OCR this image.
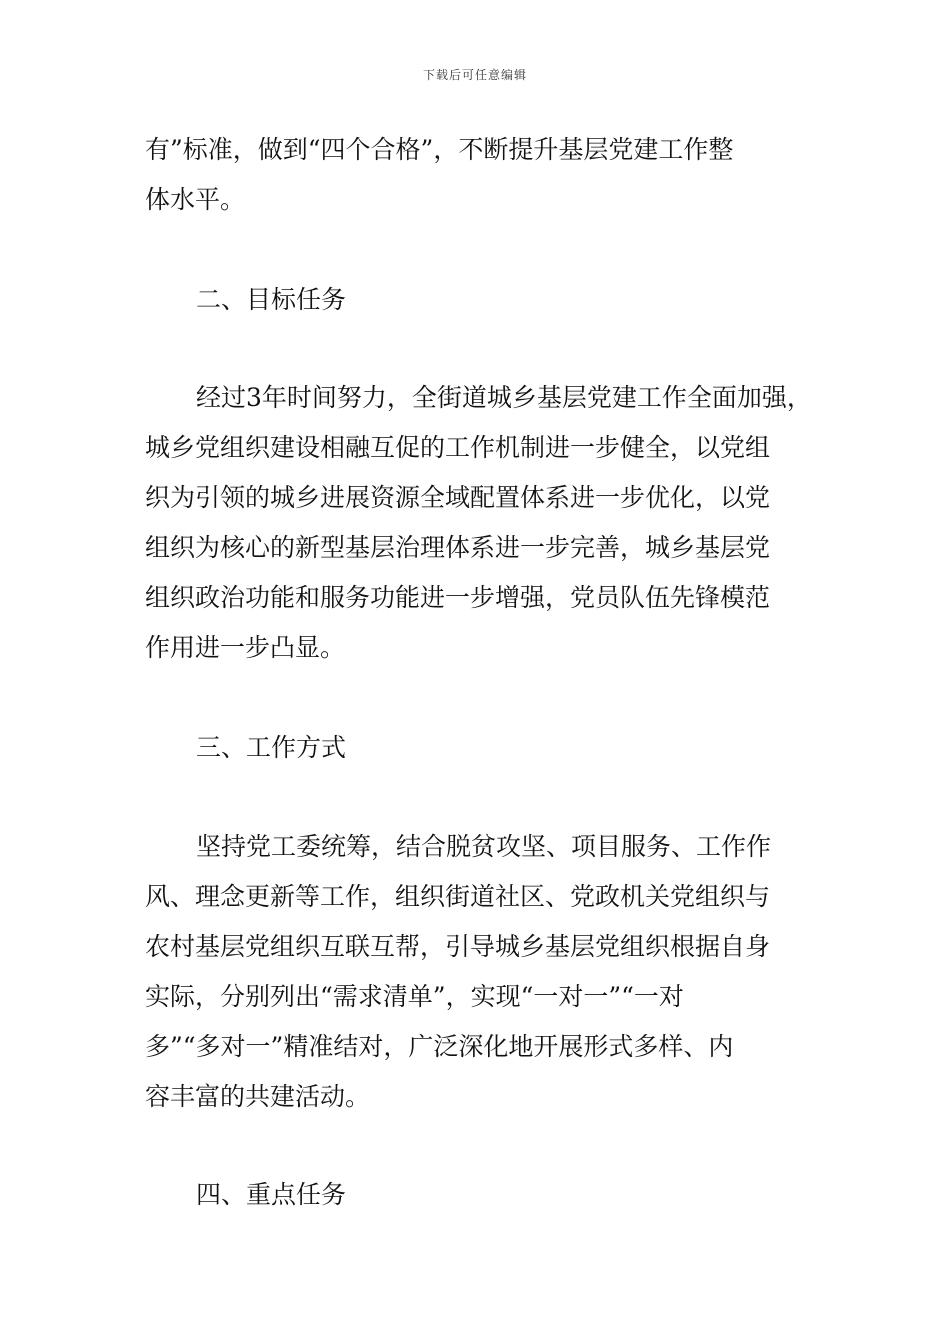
下载后可任意编辑
有”标准，做到“四个合格”，不断提升基层党建工作整
体水平。
二、目标任务
经过3年时间努力，全街道城乡基层党建工作全面加强，
城乡党组织建设相融互促的工作机制进一步健全，以党组
织为引领的城乡进展资源全域配置体系进一步优化，以党
组织为核心的新型基层治理体系进一步完善，城乡基层党
组织政治功能和服务功能进一步增强，党员队伍先锋模范
作用进一步凸显。
三、工作方式
坚持党工委统筹，结合脱贫攻坚、项目服务、工作作
风、理念更新等工作，组织街道社区、党政机关党组织与
农村基层党组织互联互帮，引导城乡基层党组织根据自身
实际，分别列出“需求清单”，实现“一对一”“一对
多”“多对一”精准结对，广泛深化地开展形式多样、内
容丰富的共建活动。
四、重点任务
